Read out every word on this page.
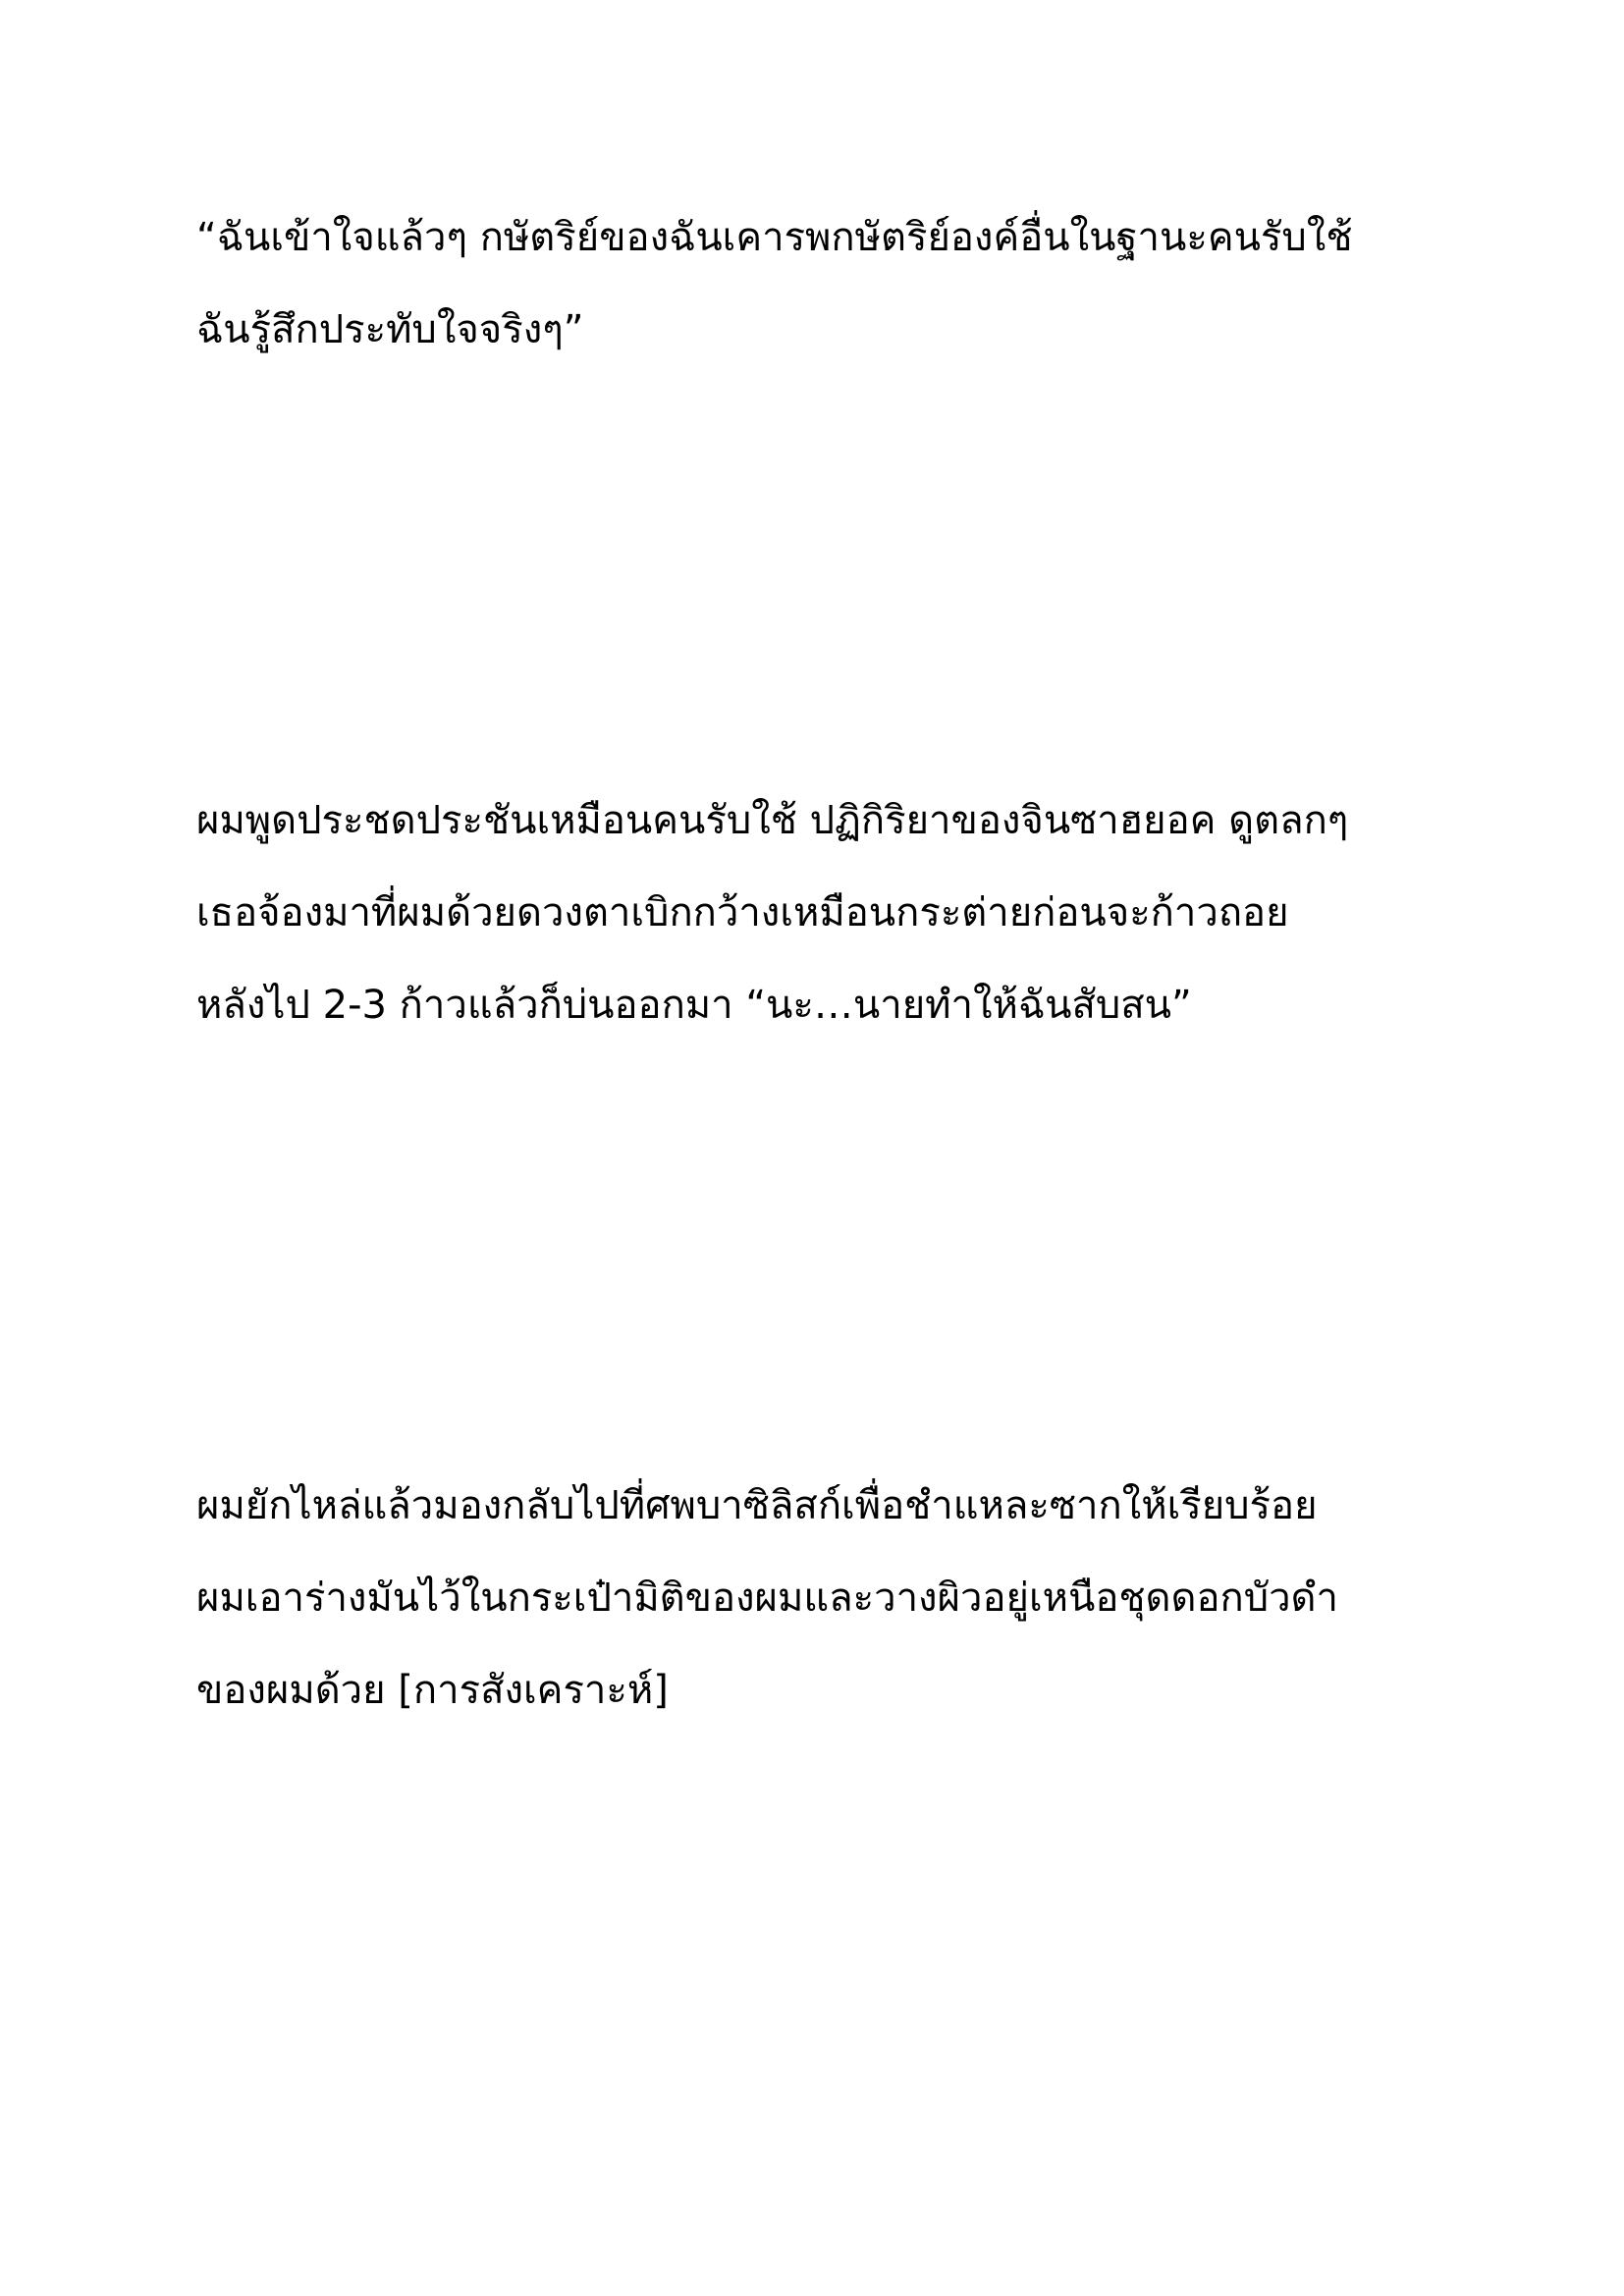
“ฉันเข้าใจแล้วๆ กษัตริย์ของฉันเคารพกษัตริย์องค์อื่นในฐานะคนรับใช้
ฉันรู้สึกประทับใจจริงๆ”

ผมพูดประชดประชันเหมือนคนรับใช้ ปฏิกิริยาของจินซาฮยอค ดูตลกๆ
เธอจ้องมาที่ผมด้วยดวงตาเบิกกว้างเหมือนกระต่ายก่อนจะก้าวถอย
หลังไป 2-3 ก้าวแล้วก็บ่นออกมา “นะ…นายทำให้ฉันสับสน”

ผมยักไหล่แล้วมองกลับไปที่ศพบาซิลิสก์เพื่อชำแหละซากให้เรียบร้อย
ผมเอาร่างมันไว้ในกระเป๋ามิติของผมและวางผิวอยู่เหนือชุดดอกบัวดำ
ของผมด้วย [การสังเคราะห์]
